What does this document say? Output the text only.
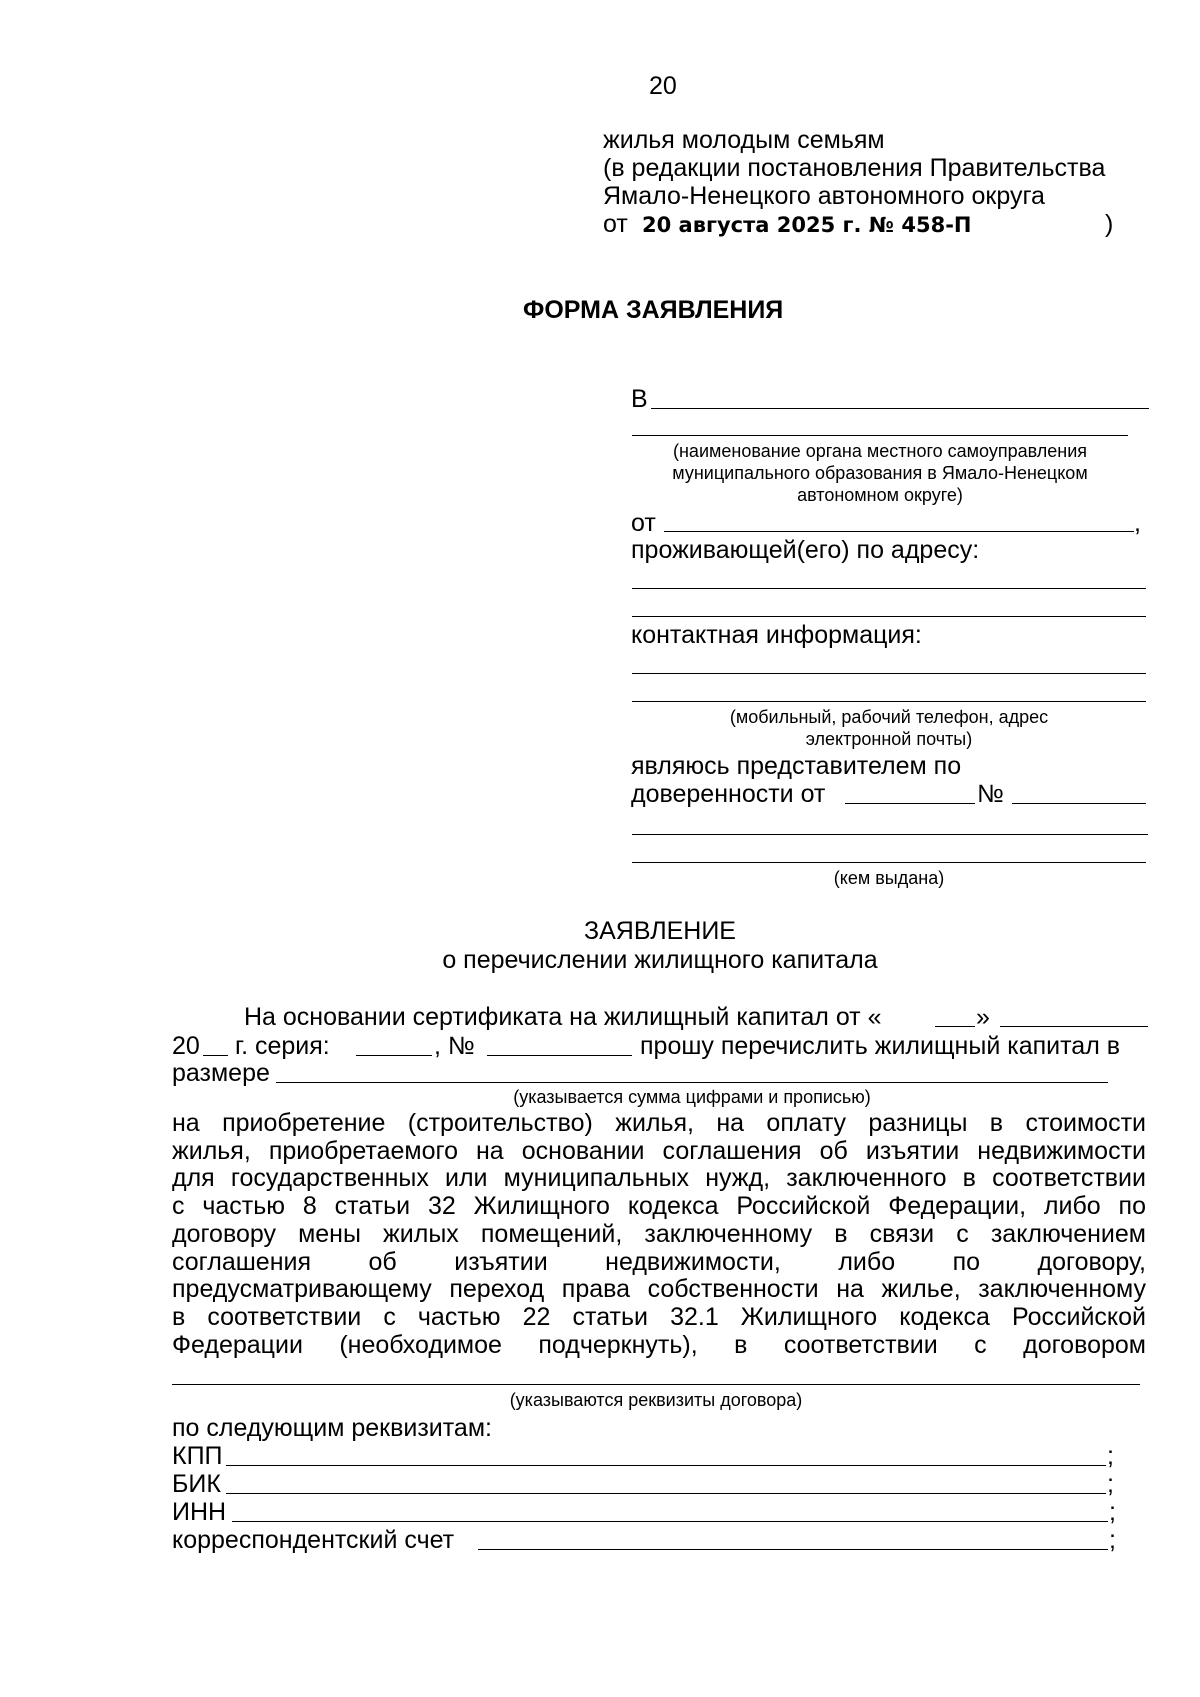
20
жилья молодым семьям
(в редакции постановления Правительства
Ямало-Ненецкого автономного округа
от 20 августа 2025 г. № 458-П	)
ФОРМА ЗАЯВЛЕНИЯ
В
(наименование органа местного самоуправления
муниципального образования в Ямало-Ненецком
автономном округе)
от	,
проживающей(его) по адресу:
контактная информация:
(мобильный, рабочий телефон, адрес
электронной почты)
являюсь представителем по
доверенности от	№
(кем выдана)
ЗАЯВЛЕНИЕ
о перечислении жилищного капитала
На основании сертификата на жилищный капитал от «	»
20 г. серия:	, №	прошу перечислить жилищный капитал в
размере
(указывается сумма цифрами и прописью)
на приобретение (строительство) жилья, на оплату разницы в стоимости
жилья, приобретаемого на основании соглашения об изъятии недвижимости
для государственных или муниципальных нужд, заключенного в соответствии
с частью 8 статьи 32 Жилищного кодекса Российской Федерации, либо по
договору мены жилых помещений, заключенному в связи с заключением
соглашения об изъятии недвижимости, либо по договору,
предусматривающему переход права собственности на жилье, заключенному
в соответствии с частью 22 статьи 32.1 Жилищного кодекса Российской
Федерации (необходимое подчеркнуть), в соответствии с договором
(указываются реквизиты договора)
по следующим реквизитам:
КПП	;
БИК	;
ИНН	;
корреспондентский счет	;
